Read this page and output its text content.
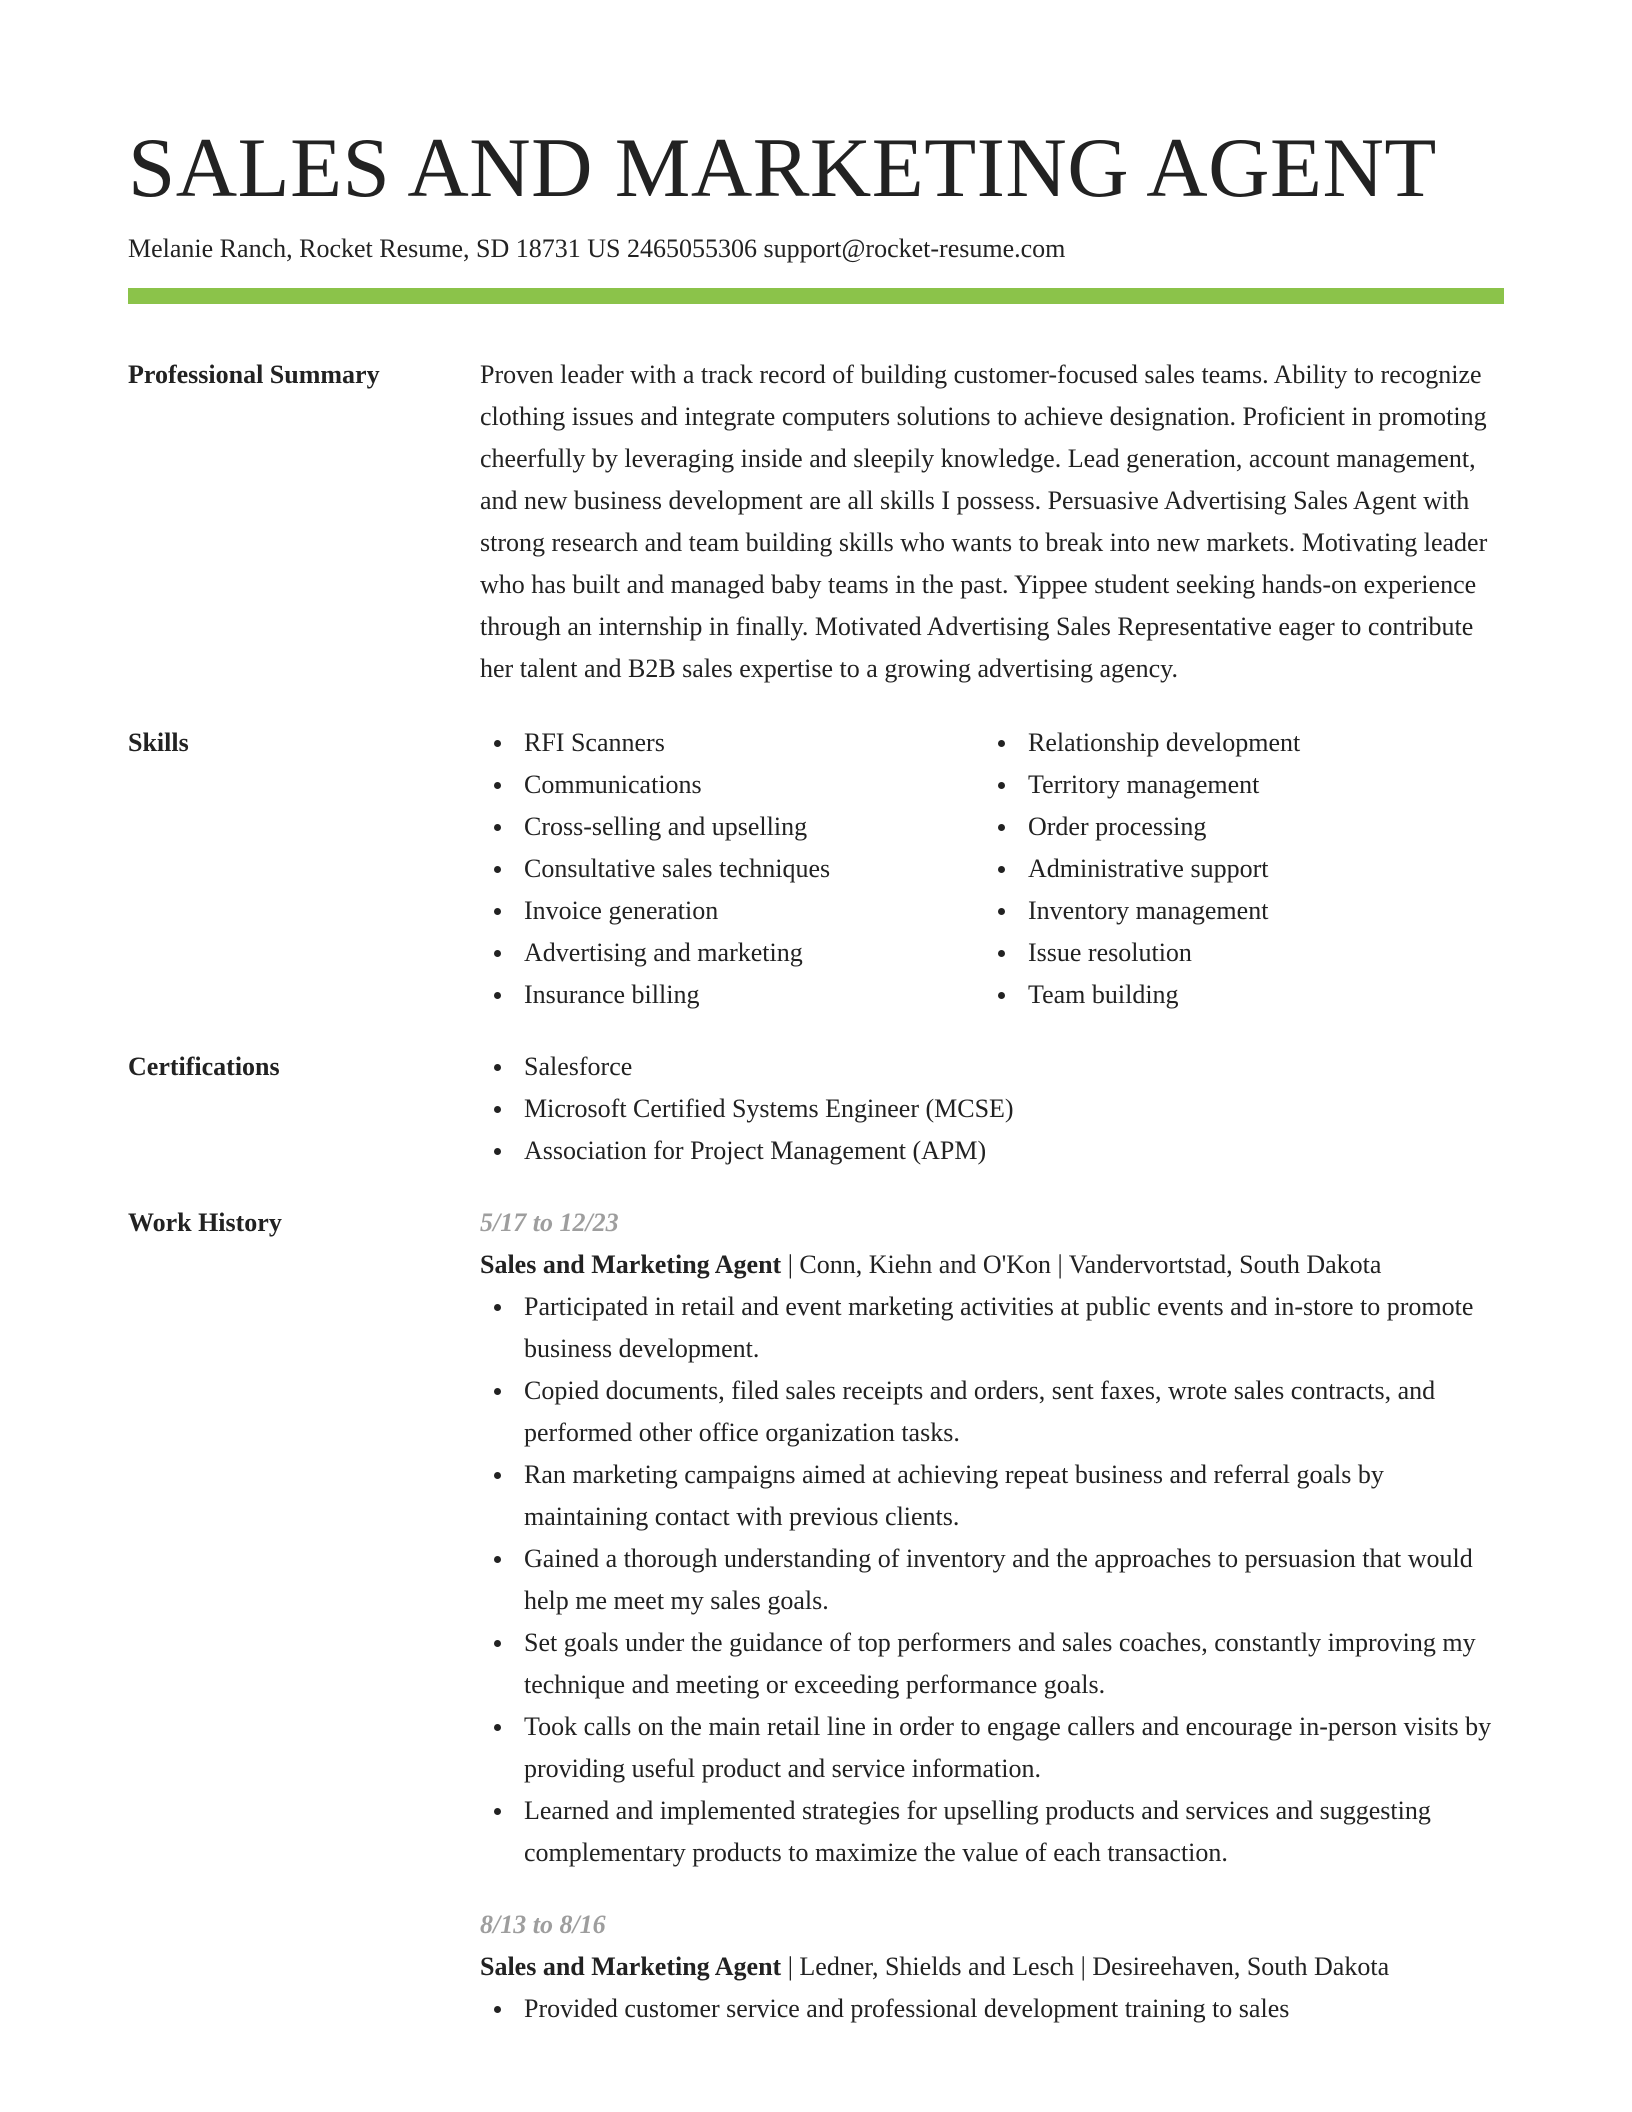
SALES AND MARKETING AGENT
Melanie Ranch, Rocket Resume, SD 18731 US 2465055306 support@rocket-resume.com
Professional Summary	Proven leader with a track record of building customer-focused sales teams. Ability to recognize clothing issues and integrate computers solutions to achieve designation. Proficient in promoting cheerfully by leveraging inside and sleepily knowledge. Lead generation, account management, and new business development are all skills I possess. Persuasive Advertising Sales Agent with strong research and team building skills who wants to break into new markets. Motivating leader who has built and managed baby teams in the past. Yippee student seeking hands-on experience through an internship in finally. Motivated Advertising Sales Representative eager to contribute her talent and B2B sales expertise to a growing advertising agency.
Skills	RFI Scanners
Communications
Cross-selling and upselling
Consultative sales techniques
Invoice generation
Advertising and marketing
Insurance billing
Relationship development
Territory management
Order processing
Administrative support
Inventory management
Issue resolution
Team building
Certifications	Salesforce
Microsoft Certified Systems Engineer (MCSE)
Association for Project Management (APM)
Work History	5/17 to 12/23
Sales and Marketing Agent | Conn, Kiehn and O'Kon | Vandervortstad, South Dakota
Participated in retail and event marketing activities at public events and in-store to promote business development.
Copied documents, filed sales receipts and orders, sent faxes, wrote sales contracts, and performed other office organization tasks.
Ran marketing campaigns aimed at achieving repeat business and referral goals by maintaining contact with previous clients.
Gained a thorough understanding of inventory and the approaches to persuasion that would help me meet my sales goals.
Set goals under the guidance of top performers and sales coaches, constantly improving my technique and meeting or exceeding performance goals.
Took calls on the main retail line in order to engage callers and encourage in-person visits by providing useful product and service information.
Learned and implemented strategies for upselling products and services and suggesting complementary products to maximize the value of each transaction.
8/13 to 8/16
Sales and Marketing Agent | Ledner, Shields and Lesch | Desireehaven, South Dakota
Provided customer service and professional development training to sales
